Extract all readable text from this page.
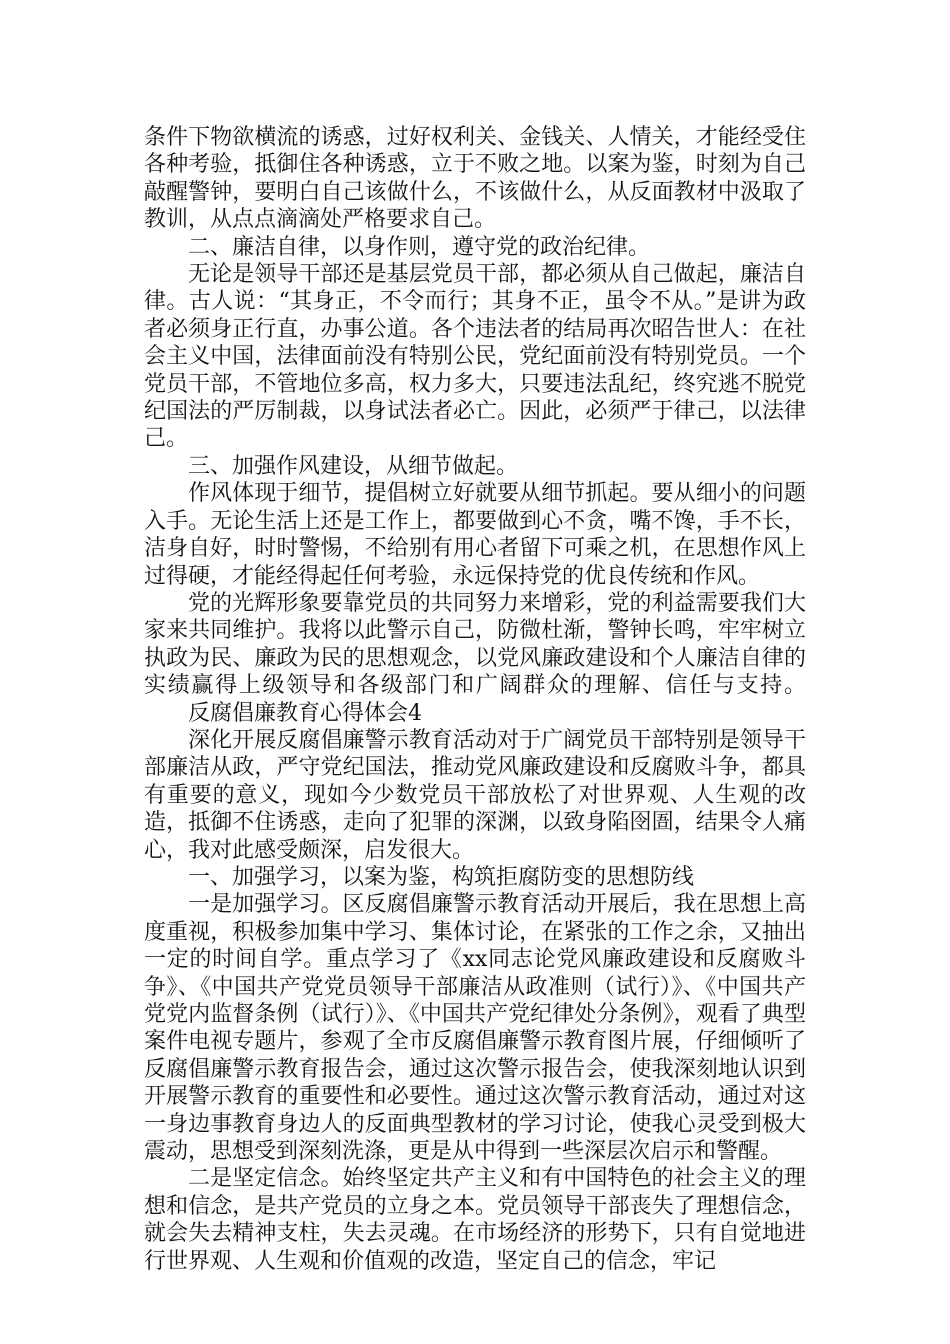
条件下物欲横流的诱惑，过好权利关、金钱关、人情关，才能经受住各种考验，抵御住各种诱惑，立于不败之地。以案为鉴，时刻为自己敲醒警钟，要明白自己该做什么，不该做什么，从反面教材中汲取了教训，从点点滴滴处严格要求自己。

二、廉洁自律，以身作则，遵守党的政治纪律。

无论是领导干部还是基层党员干部，都必须从自己做起，廉洁自律。古人说：“其身正，不令而行；其身不正，虽令不从。”是讲为政者必须身正行直，办事公道。各个违法者的结局再次昭告世人：在社会主义中国，法律面前没有特别公民，党纪面前没有特别党员。一个党员干部，不管地位多高，权力多大，只要违法乱纪，终究逃不脱党纪国法的严厉制裁，以身试法者必亡。因此，必须严于律己，以法律己。

三、加强作风建设，从细节做起。

作风体现于细节，提倡树立好就要从细节抓起。要从细小的问题入手。无论生活上还是工作上，都要做到心不贪，嘴不馋，手不长，洁身自好，时时警惕，不给别有用心者留下可乘之机，在思想作风上过得硬，才能经得起任何考验，永远保持党的优良传统和作风。

党的光辉形象要靠党员的共同努力来增彩，党的利益需要我们大家来共同维护。我将以此警示自己，防微杜渐，警钟长鸣，牢牢树立执政为民、廉政为民的思想观念，以党风廉政建设和个人廉洁自律的实绩赢得上级领导和各级部门和广阔群众的理解、信任与支持。反腐倡廉教育心得体会4

深化开展反腐倡廉警示教育活动对于广阔党员干部特别是领导干部廉洁从政，严守党纪国法，推动党风廉政建设和反腐败斗争，都具有重要的意义，现如今少数党员干部放松了对世界观、人生观的改造，抵御不住诱惑，走向了犯罪的深渊，以致身陷囹圄，结果令人痛心，我对此感受颇深，启发很大。

一、加强学习，以案为鉴，构筑拒腐防变的思想防线

一是加强学习。区反腐倡廉警示教育活动开展后，我在思想上高度重视，积极参加集中学习、集体讨论，在紧张的工作之余，又抽出一定的时间自学。重点学习了《xx同志论党风廉政建设和反腐败斗争》、《中国共产党党员领导干部廉洁从政准则（试行）》、《中国共产党党内监督条例（试行）》、《中国共产党纪律处分条例》，观看了典型案件电视专题片，参观了全市反腐倡廉警示教育图片展，仔细倾听了反腐倡廉警示教育报告会，通过这次警示报告会，使我深刻地认识到开展警示教育的重要性和必要性。通过这次警示教育活动，通过对这一身边事教育身边人的反面典型教材的学习讨论，使我心灵受到极大震动，思想受到深刻洗涤，更是从中得到一些深层次启示和警醒。

二是坚定信念。始终坚定共产主义和有中国特色的社会主义的理想和信念，是共产党员的立身之本。党员领导干部丧失了理想信念，就会失去精神支柱，失去灵魂。在市场经济的形势下，只有自觉地进行世界观、人生观和价值观的改造，坚定自己的信念，牢记
